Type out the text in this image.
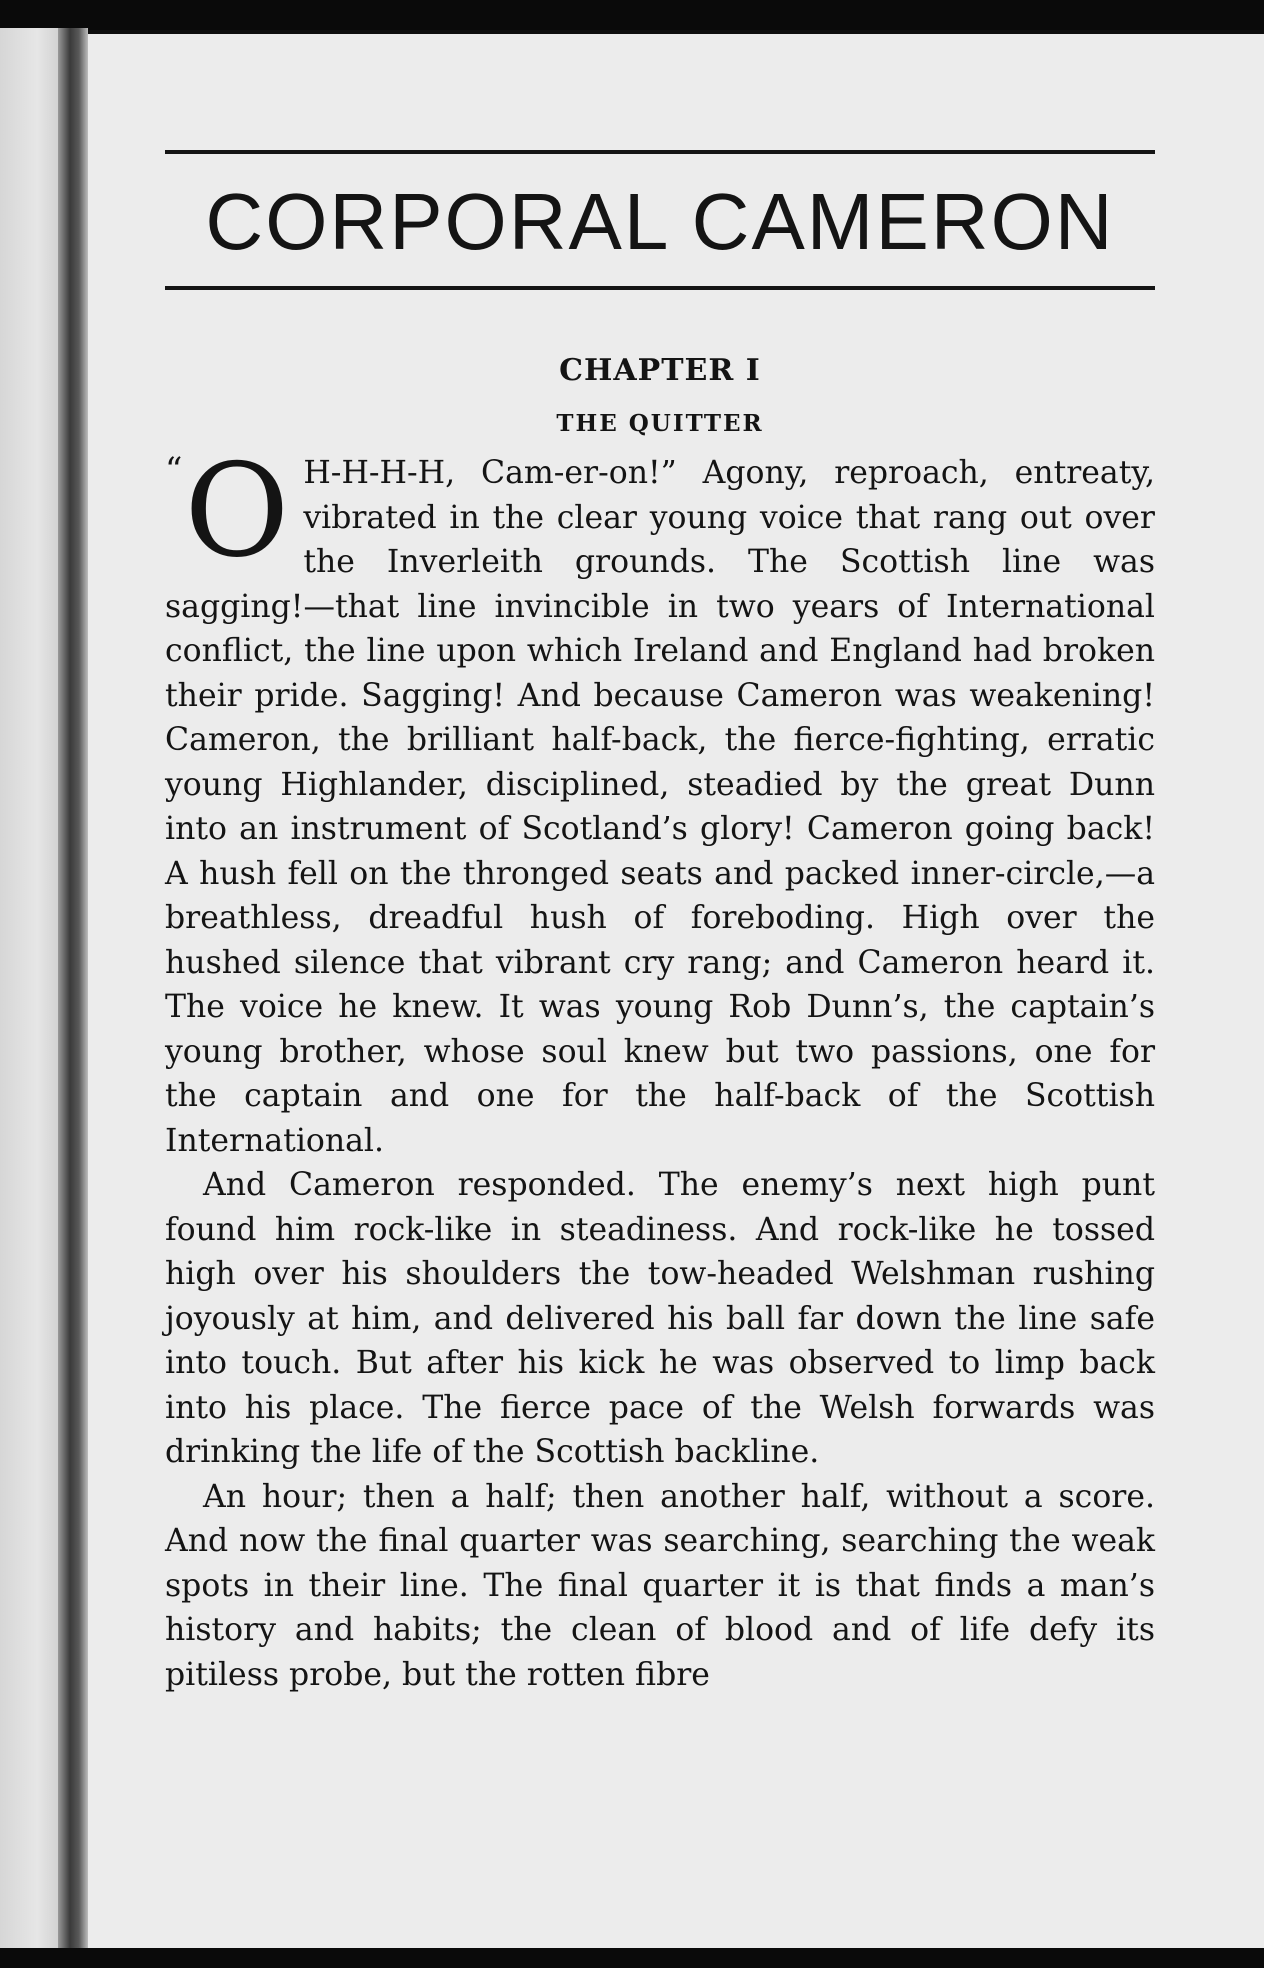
CORPORAL CAMERON
CHAPTER I
THE QUITTER

“ O H-H-H-H, Cam-er-on!” Agony, reproach, entreaty, vibrated in the clear young voice that rang out over the Inverleith grounds. The Scottish line was sagging!—that line invincible in two years of International conflict, the line upon which Ireland and England had broken their pride. Sagging! And because Cameron was weakening! Cameron, the brilliant half-back, the fierce-fighting, erratic young Highlander, disciplined, steadied by the great Dunn into an instrument of Scotland’s glory! Cameron going back! A hush fell on the thronged seats and packed inner-circle,—a breathless, dreadful hush of foreboding. High over the hushed silence that vibrant cry rang; and Cameron heard it. The voice he knew. It was young Rob Dunn’s, the captain’s young brother, whose soul knew but two passions, one for the captain and one for the half-back of the Scottish International.

And Cameron responded. The enemy’s next high punt found him rock-like in steadiness. And rock-like he tossed high over his shoulders the tow-headed Welshman rushing joyously at him, and delivered his ball far down the line safe into touch. But after his kick he was observed to limp back into his place. The fierce pace of the Welsh forwards was drinking the life of the Scottish backline.

An hour; then a half; then another half, without a score. And now the final quarter was searching, searching the weak spots in their line. The final quarter it is that finds a man’s history and habits; the clean of blood and of life defy its pitiless probe, but the rotten fibre
